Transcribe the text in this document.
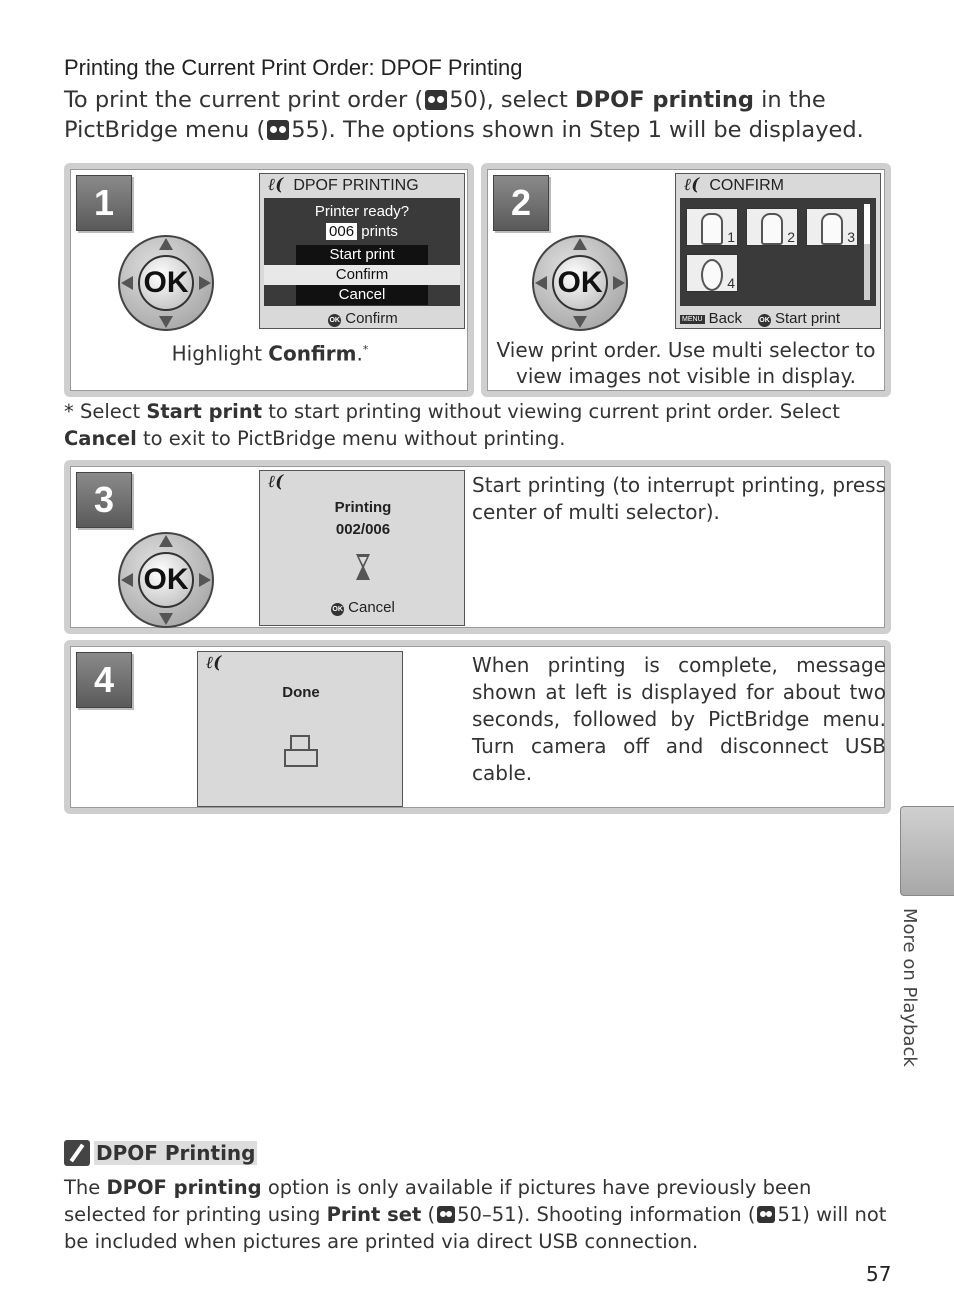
Printing the Current Print Order: DPOF Printing
To print the current print order ( 50), select DPOF printing in the PictBridge menu ( 55). The options shown in Step 1 will be displayed.
1
OK
ℓ( DPOF PRINTING
Printer ready?
006 prints
Start print
Confirm
Cancel
OK Confirm
Highlight Confirm.*
2
OK
ℓ( CONFIRM
1	2	3
4
MENU Back OK Start print
View print order. Use multi selector to view images not visible in display.
* Select Start print to start printing without viewing current print order. Select Cancel to exit to PictBridge menu without printing.
3
OK
ℓ(
Printing
002/006
OK Cancel
Start printing (to interrupt printing, press center of multi selector).
4	ℓ(
Done
When printing is complete, message shown at left is displayed for about two seconds, followed by PictBridge menu. Turn camera off and disconnect USB cable.
More on Playback
DPOF Printing
The DPOF printing option is only available if pictures have previously been selected for printing using Print set ( 50–51). Shooting information ( 51) will not be included when pictures are printed via direct USB connection.
57
